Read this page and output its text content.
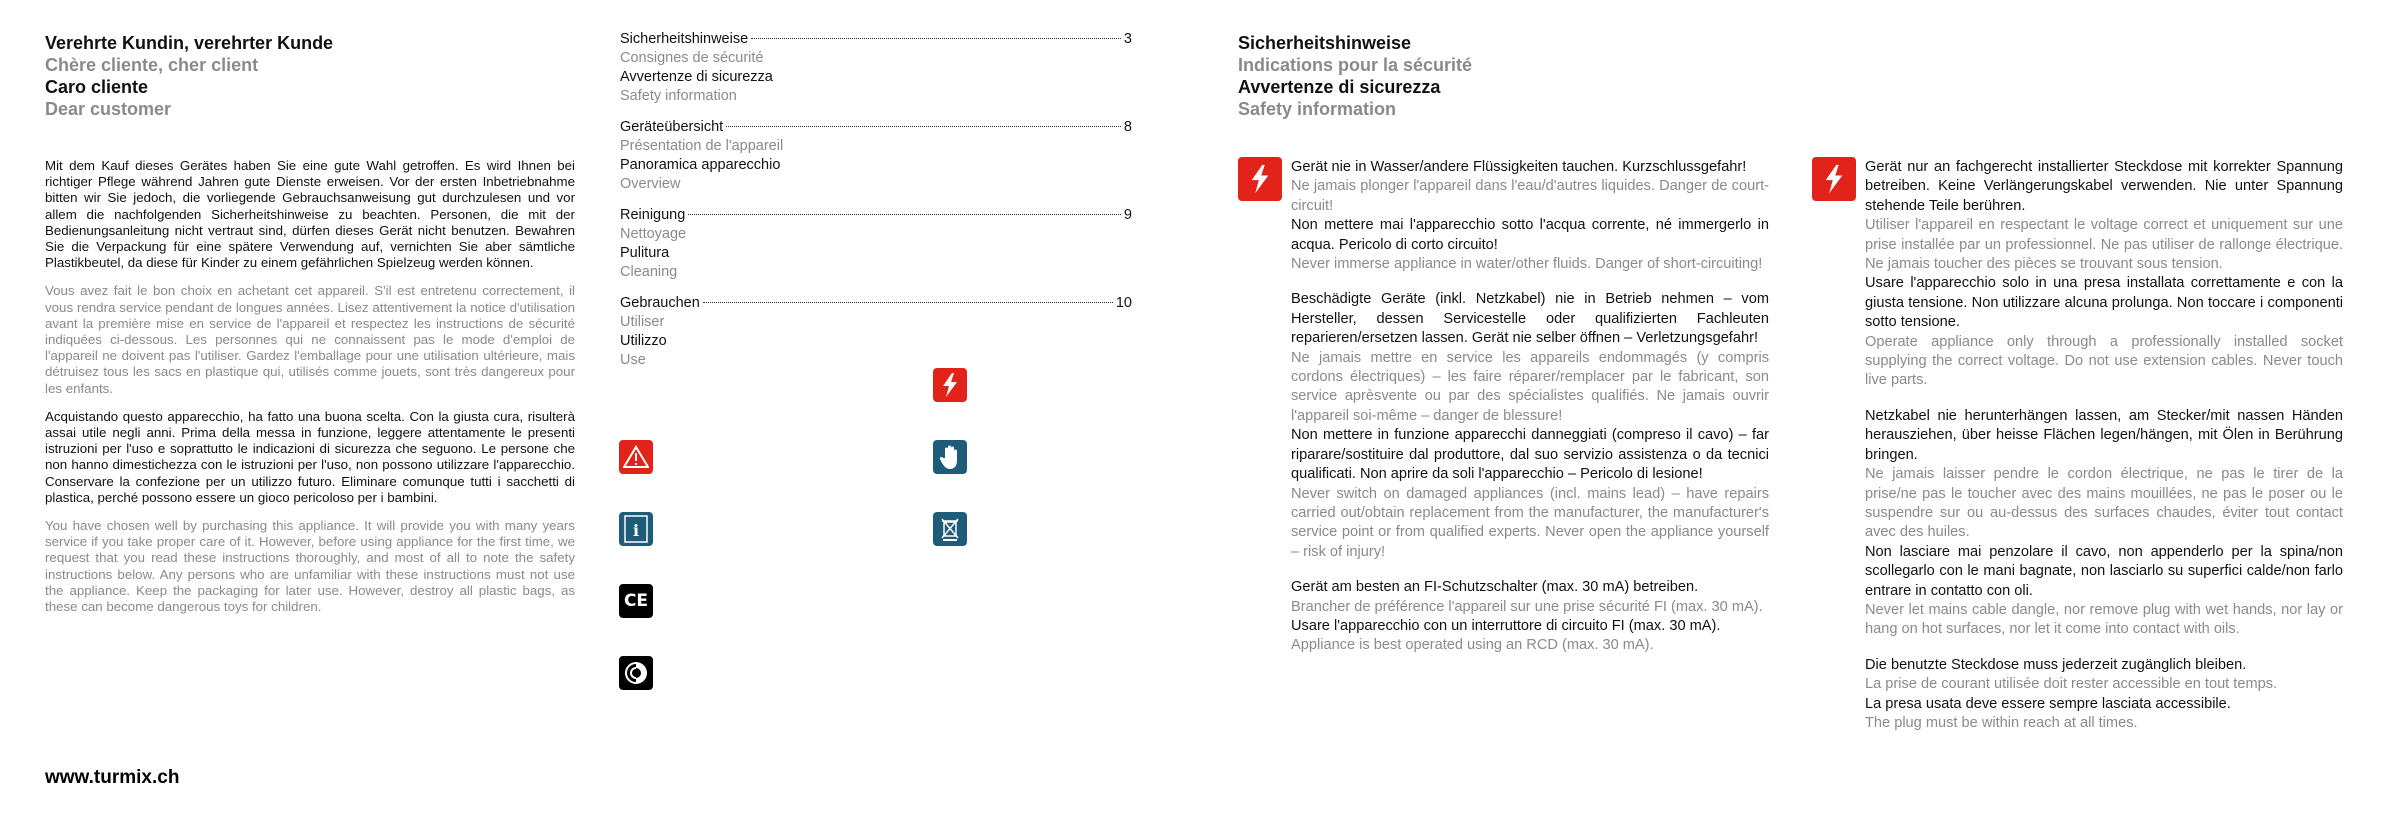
Verehrte Kundin, verehrter Kunde

Chère cliente, cher client

Caro cliente

Dear customer

Mit dem Kauf dieses Gerätes haben Sie eine gute Wahl getroffen. Es wird Ihnen bei richtiger Pflege während Jahren gute Dienste erweisen. Vor der ersten Inbetriebnahme bitten wir Sie jedoch, die vorliegende Gebrauchsanweisung gut durchzulesen und vor allem die nachfolgenden Sicherheitshinweise zu beachten. Personen, die mit der Bedienungsanleitung nicht vertraut sind, dürfen dieses Gerät nicht benutzen. Bewahren Sie die Verpackung für eine spätere Verwendung auf, vernichten Sie aber sämtliche Plastikbeutel, da diese für Kinder zu einem gefährlichen Spielzeug werden können.

Vous avez fait le bon choix en achetant cet appareil. S'il est entretenu correctement, il vous rendra service pendant de longues années. Lisez attentivement la notice d'utilisation avant la première mise en service de l'appareil et respectez les instructions de sécurité indiquées ci-dessous. Les personnes qui ne connaissent pas le mode d'emploi de l'appareil ne doivent pas l'utiliser. Gardez l'emballage pour une utilisation ultérieure, mais détruisez tous les sacs en plastique qui, utilisés comme jouets, sont très dangereux pour les enfants.

Acquistando questo apparecchio, ha fatto una buona scelta. Con la giusta cura, risulterà assai utile negli anni. Prima della messa in funzione, leggere attentamente le presenti istruzioni per l'uso e soprattutto le indicazioni di sicurezza che seguono. Le persone che non hanno dimestichezza con le istruzioni per l'uso, non possono utilizzare l'apparecchio. Conservare la confezione per un utilizzo futuro. Eliminare comunque tutti i sacchetti di plastica, perché possono essere un gioco pericoloso per i bambini.

You have chosen well by purchasing this appliance. It will provide you with many years service if you take proper care of it. However, before using appliance for the first time, we request that you read these instructions thoroughly, and most of all to note the safety instructions below. Any persons who are unfamiliar with these instructions must not use the appliance. Keep the packaging for later use. However, destroy all plastic bags, as these can become dangerous toys for children.

www.turmix.ch
Sicherheitshinweise	3
Consignes de sécurité
Avvertenze di sicurezza
Safety information
Geräteübersicht	8
Présentation de l'appareil
Panoramica apparecchio
Overview
Reinigung	9
Nettoyage
Pulitura
Cleaning
Gebrauchen	10
Utiliser
Utilizzo
Use
i
CE

Sicherheitshinweise

Indications pour la sécurité

Avvertenze di sicurezza

Safety information

Gerät nie in Wasser/andere Flüssigkeiten tauchen. Kurzschlussgefahr!

Ne jamais plonger l'appareil dans l'eau/d'autres liquides. Danger de court-circuit!

Non mettere mai l'apparecchio sotto l'acqua corrente, né immergerlo in acqua. Pericolo di corto circuito!

Never immerse appliance in water/other fluids. Danger of short-circuiting!

Beschädigte Geräte (inkl. Netzkabel) nie in Betrieb nehmen – vom Hersteller, dessen Servicestelle oder qualifizierten Fachleuten reparieren/ersetzen lassen. Gerät nie selber öffnen – Verletzungsgefahr!

Ne jamais mettre en service les appareils endommagés (y compris cordons électriques) – les faire réparer/remplacer par le fabricant, son service aprèsvente ou par des spécialistes qualifiés. Ne jamais ouvrir l'appareil soi-même – danger de blessure!

Non mettere in funzione apparecchi danneggiati (compreso il cavo) – far riparare/sostituire dal produttore, dal suo servizio assistenza o da tecnici qualificati. Non aprire da soli l'apparecchio – Pericolo di lesione!

Never switch on damaged appliances (incl. mains lead) – have repairs carried out/obtain replacement from the manufacturer, the manufacturer's service point or from qualified experts. Never open the appliance yourself – risk of injury!

Gerät am besten an FI-Schutzschalter (max. 30 mA) betreiben.

Brancher de préférence l'appareil sur une prise sécurité FI (max. 30 mA).

Usare l'apparecchio con un interruttore di circuito FI (max. 30 mA).

Appliance is best operated using an RCD (max. 30 mA).

Gerät nur an fachgerecht installierter Steckdose mit korrekter Spannung betreiben. Keine Verlängerungskabel verwenden. Nie unter Spannung stehende Teile berühren.

Utiliser l'appareil en respectant le voltage correct et uniquement sur une prise installée par un professionnel. Ne pas utiliser de rallonge électrique. Ne jamais toucher des pièces se trouvant sous tension.

Usare l'apparecchio solo in una presa installata correttamente e con la giusta tensione. Non utilizzare alcuna prolunga. Non toccare i componenti sotto tensione.

Operate appliance only through a professionally installed socket supplying the correct voltage. Do not use extension cables. Never touch live parts.

Netzkabel nie herunterhängen lassen, am Stecker/mit nassen Händen herausziehen, über heisse Flächen legen/hängen, mit Ölen in Berührung bringen.

Ne jamais laisser pendre le cordon électrique, ne pas le tirer de la prise/ne pas le toucher avec des mains mouillées, ne pas le poser ou le suspendre sur ou au-dessus des surfaces chaudes, éviter tout contact avec des huiles.

Non lasciare mai penzolare il cavo, non appenderlo per la spina/non scollegarlo con le mani bagnate, non lasciarlo su superfici calde/non farlo entrare in contatto con oli.

Never let mains cable dangle, nor remove plug with wet hands, nor lay or hang on hot surfaces, nor let it come into contact with oils.

Die benutzte Steckdose muss jederzeit zugänglich bleiben.

La prise de courant utilisée doit rester accessible en tout temps.

La presa usata deve essere sempre lasciata accessibile.

The plug must be within reach at all times.
